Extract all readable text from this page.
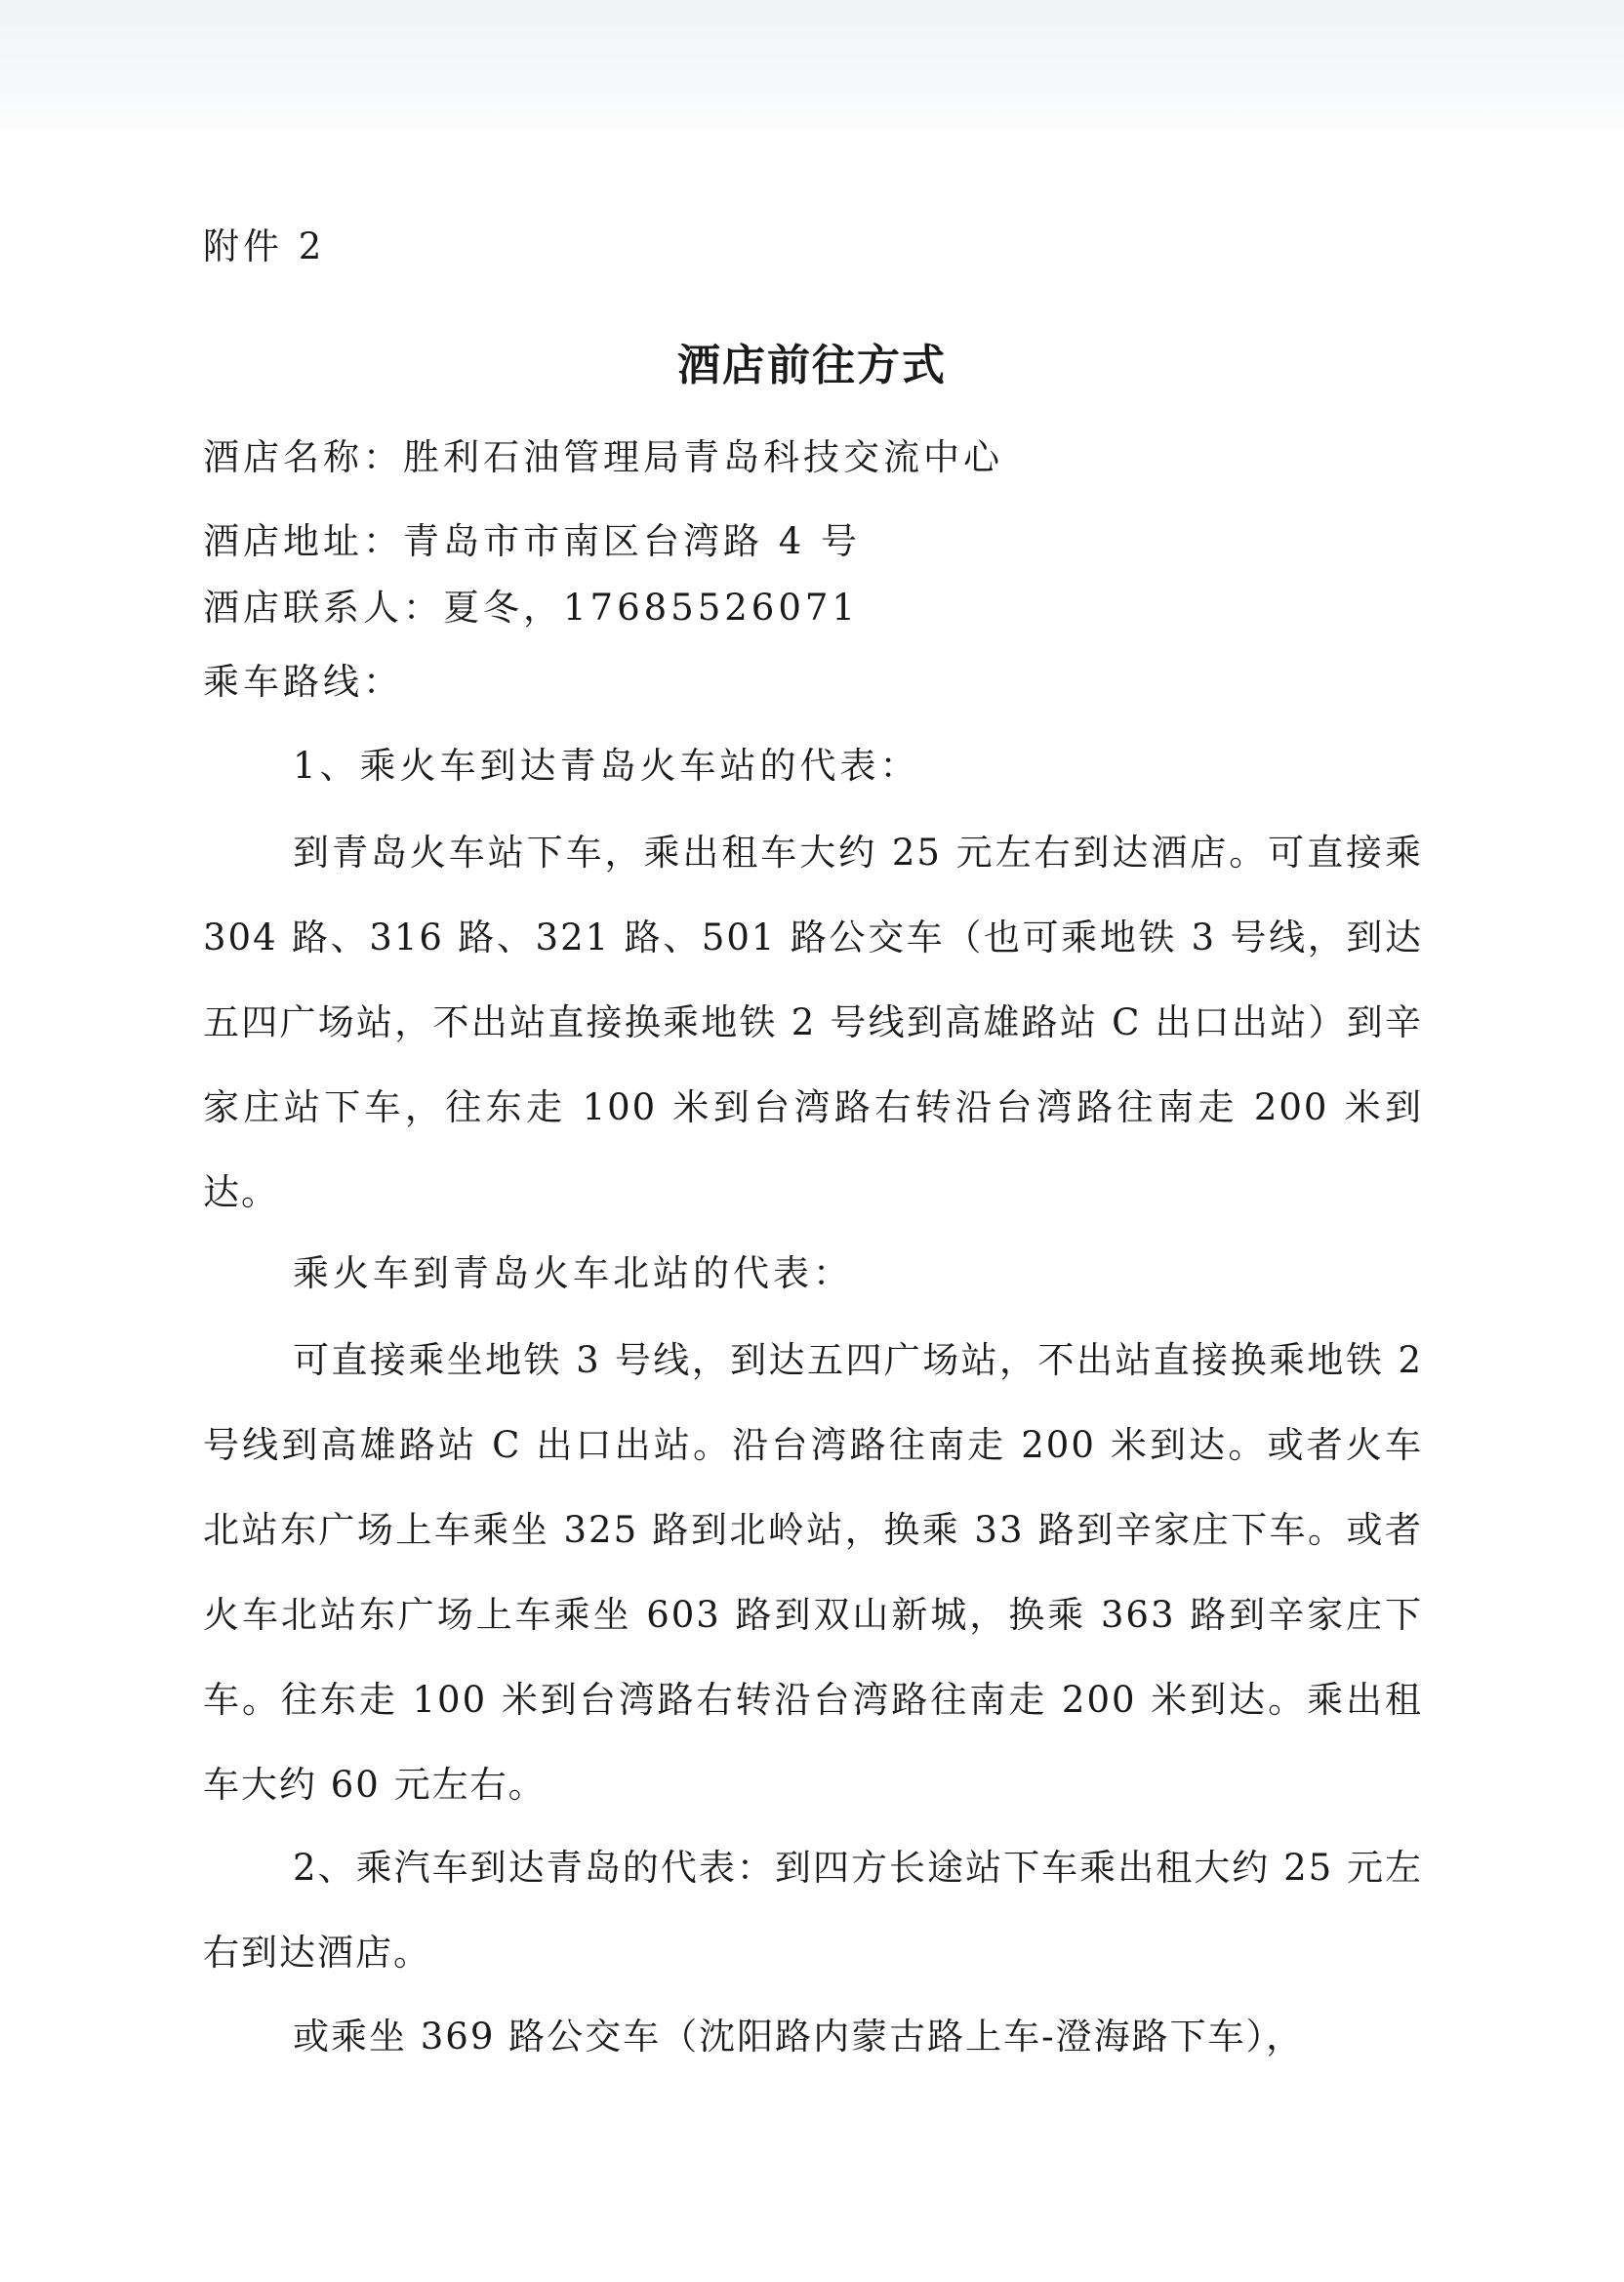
附件 2
酒店前往方式
酒店名称：胜利石油管理局青岛科技交流中心
酒店地址：青岛市市南区台湾路 4 号
酒店联系人：夏冬，17685526071
乘车路线：
1、乘火车到达青岛火车站的代表：
到青岛火车站下车，乘出租车大约 25 元左右到达酒店。可直接乘 304 路、316 路、321 路、501 路公交车（也可乘地铁 3 号线，到达五四广场站，不出站直接换乘地铁 2 号线到高雄路站 C 出口出站）到辛家庄站下车，往东走 100 米到台湾路右转沿台湾路往南走 200 米到达。
乘火车到青岛火车北站的代表：
可直接乘坐地铁 3 号线，到达五四广场站，不出站直接换乘地铁 2 号线到高雄路站 C 出口出站。沿台湾路往南走 200 米到达。或者火车北站东广场上车乘坐 325 路到北岭站，换乘 33 路到辛家庄下车。或者火车北站东广场上车乘坐 603 路到双山新城，换乘 363 路到辛家庄下车。往东走 100 米到台湾路右转沿台湾路往南走 200 米到达。乘出租车大约 60 元左右。
2、乘汽车到达青岛的代表：到四方长途站下车乘出租大约 25 元左右到达酒店。
或乘坐 369 路公交车（沈阳路内蒙古路上车-澄海路下车），
